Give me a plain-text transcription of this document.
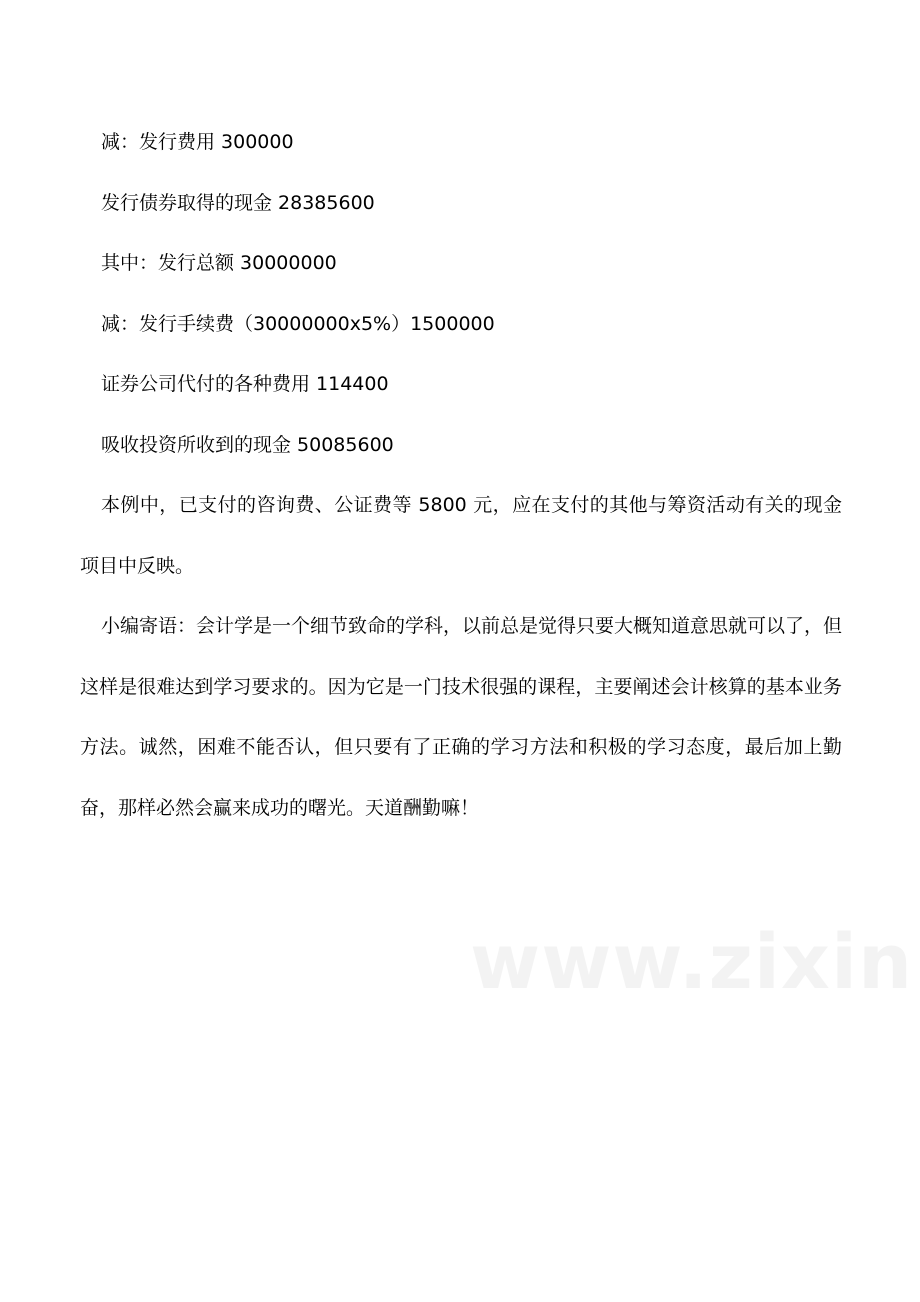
减：发行费用 300000

发行债券取得的现金 28385600

其中：发行总额 30000000

减：发行手续费（30000000x5%）1500000

证券公司代付的各种费用 114400

吸收投资所收到的现金 50085600

本例中，已支付的咨询费、公证费等 5800 元，应在支付的其他与筹资活动有关的现金项目中反映。

小编寄语：会计学是一个细节致命的学科，以前总是觉得只要大概知道意思就可以了，但这样是很难达到学习要求的。因为它是一门技术很强的课程，主要阐述会计核算的基本业务方法。诚然，困难不能否认，但只要有了正确的学习方法和积极的学习态度，最后加上勤奋，那样必然会赢来成功的曙光。天道酬勤嘛！
